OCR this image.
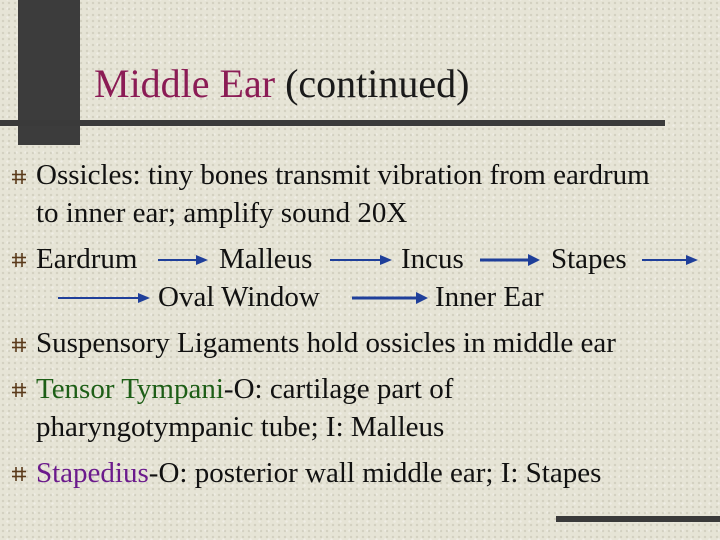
Middle Ear (continued)
Ossicles: tiny bones transmit vibration from eardrum
to inner ear; amplify sound 20X
Eardrum	Malleus	Incus	Stapes
Oval Window	Inner Ear
Suspensory Ligaments hold ossicles in middle ear
Tensor Tympani-O: cartilage part of
pharyngotympanic tube; I: Malleus
Stapedius-O: posterior wall middle ear; I: Stapes
